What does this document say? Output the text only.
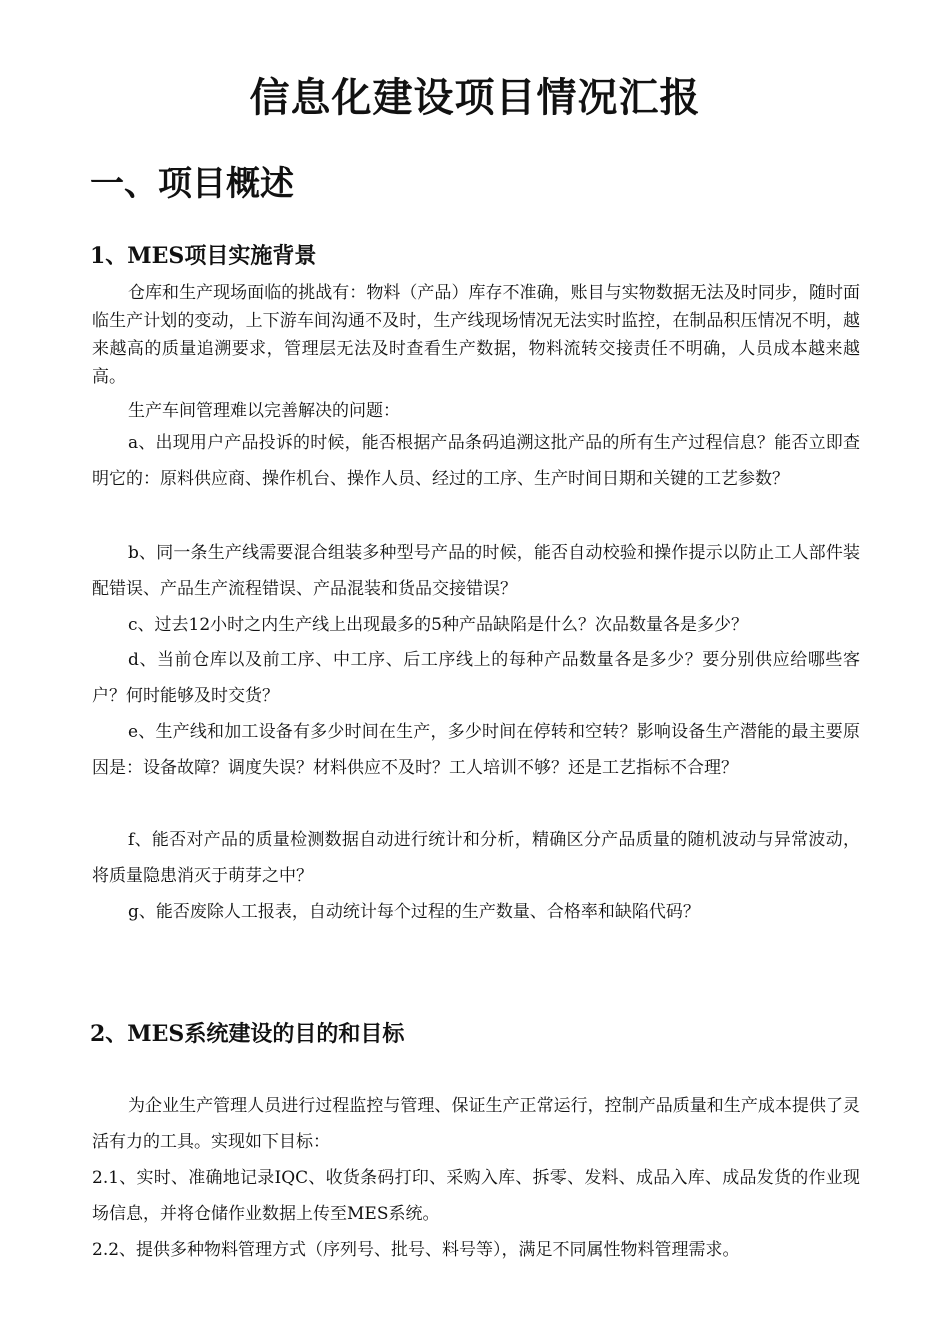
信息化建设项目情况汇报
一、项目概述
1、MES项目实施背景

仓库和生产现场面临的挑战有：物料（产品）库存不准确，账目与实物数据无法及时同步，随时面临生产计划的变动，上下游车间沟通不及时，生产线现场情况无法实时监控，在制品积压情况不明，越来越高的质量追溯要求，管理层无法及时查看生产数据，物料流转交接责任不明确，人员成本越来越高。

生产车间管理难以完善解决的问题：

a、出现用户产品投诉的时候，能否根据产品条码追溯这批产品的所有生产过程信息？能否立即查明它的：原料供应商、操作机台、操作人员、经过的工序、生产时间日期和关键的工艺参数？

b、同一条生产线需要混合组装多种型号产品的时候，能否自动校验和操作提示以防止工人部件装配错误、产品生产流程错误、产品混装和货品交接错误？

c、过去12小时之内生产线上出现最多的5种产品缺陷是什么？次品数量各是多少？

d、当前仓库以及前工序、中工序、后工序线上的每种产品数量各是多少？要分别供应给哪些客户？何时能够及时交货？

e、生产线和加工设备有多少时间在生产，多少时间在停转和空转？影响设备生产潜能的最主要原因是：设备故障？调度失误？材料供应不及时？工人培训不够？还是工艺指标不合理？

f、能否对产品的质量检测数据自动进行统计和分析，精确区分产品质量的随机波动与异常波动，将质量隐患消灭于萌芽之中？

g、能否废除人工报表，自动统计每个过程的生产数量、合格率和缺陷代码？

2、MES系统建设的目的和目标

为企业生产管理人员进行过程监控与管理、保证生产正常运行，控制产品质量和生产成本提供了灵活有力的工具。实现如下目标：

2.1、实时、准确地记录IQC、收货条码打印、采购入库、拆零、发料、成品入库、成品发货的作业现场信息，并将仓储作业数据上传至MES系统。

2.2、提供多种物料管理方式（序列号、批号、料号等），满足不同属性物料管理需求。
